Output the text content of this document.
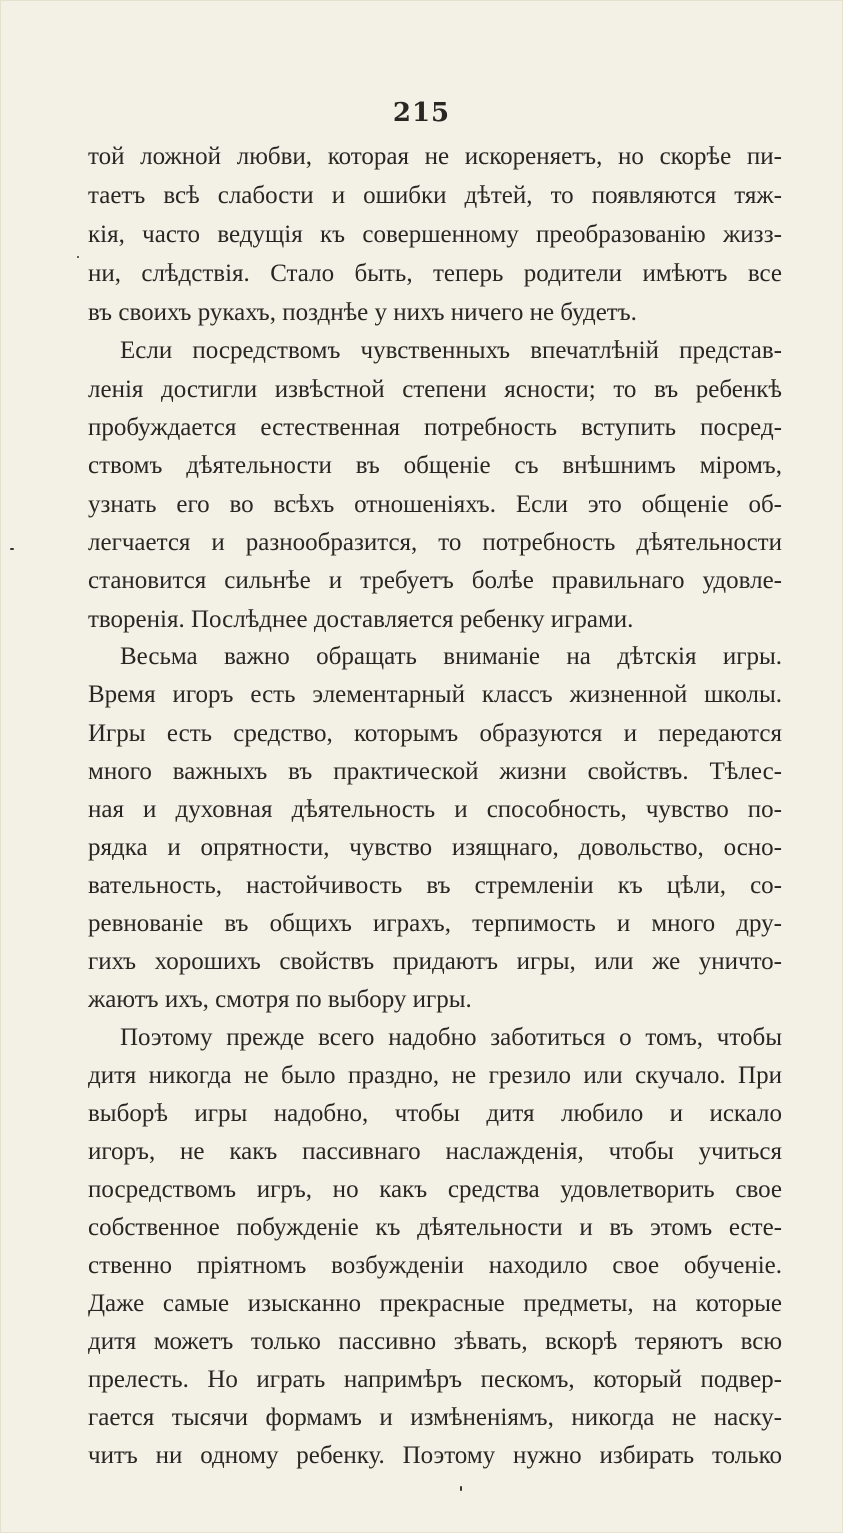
215
той ложной любви, которая не искореняетъ, но скорѣе пи-
таетъ всѣ слабости и ошибки дѣтей, то появляются тяж-
кія, часто ведущія къ совершенному преобразованію жизз-
ни, слѣдствія. Стало быть, теперь родители имѣютъ все
въ своихъ рукахъ, позднѣе у нихъ ничего не будетъ.
Если посредствомъ чувственныхъ впечатлѣній представ-
ленія достигли извѣстной степени ясности; то въ ребенкѣ
пробуждается естественная потребность вступить посред-
ствомъ дѣятельности въ общеніе съ внѣшнимъ міромъ,
узнать его во всѣхъ отношеніяхъ. Если это общеніе об-
легчается и разнообразится, то потребность дѣятельности
становится сильнѣе и требуетъ болѣе правильнаго удовле-
творенія. Послѣднее доставляется ребенку играми.
Весьма важно обращать вниманіе на дѣтскія игры.
Время игоръ есть элементарный классъ жизненной школы.
Игры есть средство, которымъ образуются и передаются
много важныхъ въ практической жизни свойствъ. Тѣлес-
ная и духовная дѣятельность и способность, чувство по-
рядка и опрятности, чувство изящнаго, довольство, осно-
вательность, настойчивость въ стремленіи къ цѣли, со-
ревнованіе въ общихъ играхъ, терпимость и много дру-
гихъ хорошихъ свойствъ придаютъ игры, или же уничто-
жаютъ ихъ, смотря по выбору игры.
Поэтому прежде всего надобно заботиться о томъ, чтобы
дитя никогда не было праздно, не грезило или скучало. При
выборѣ игры надобно, чтобы дитя любило и искало
игоръ, не какъ пассивнаго наслажденія, чтобы учиться
посредствомъ игръ, но какъ средства удовлетворить свое
собственное побужденіе къ дѣятельности и въ этомъ есте-
ственно пріятномъ возбужденіи находило свое обученіе.
Даже самые изысканно прекрасные предметы, на которые
дитя можетъ только пассивно зѣвать, вскорѣ теряютъ всю
прелесть. Но играть напримѣръ пескомъ, который подвер-
гается тысячи формамъ и измѣненіямъ, никогда не наску-
читъ ни одному ребенку. Поэтому нужно избирать только
